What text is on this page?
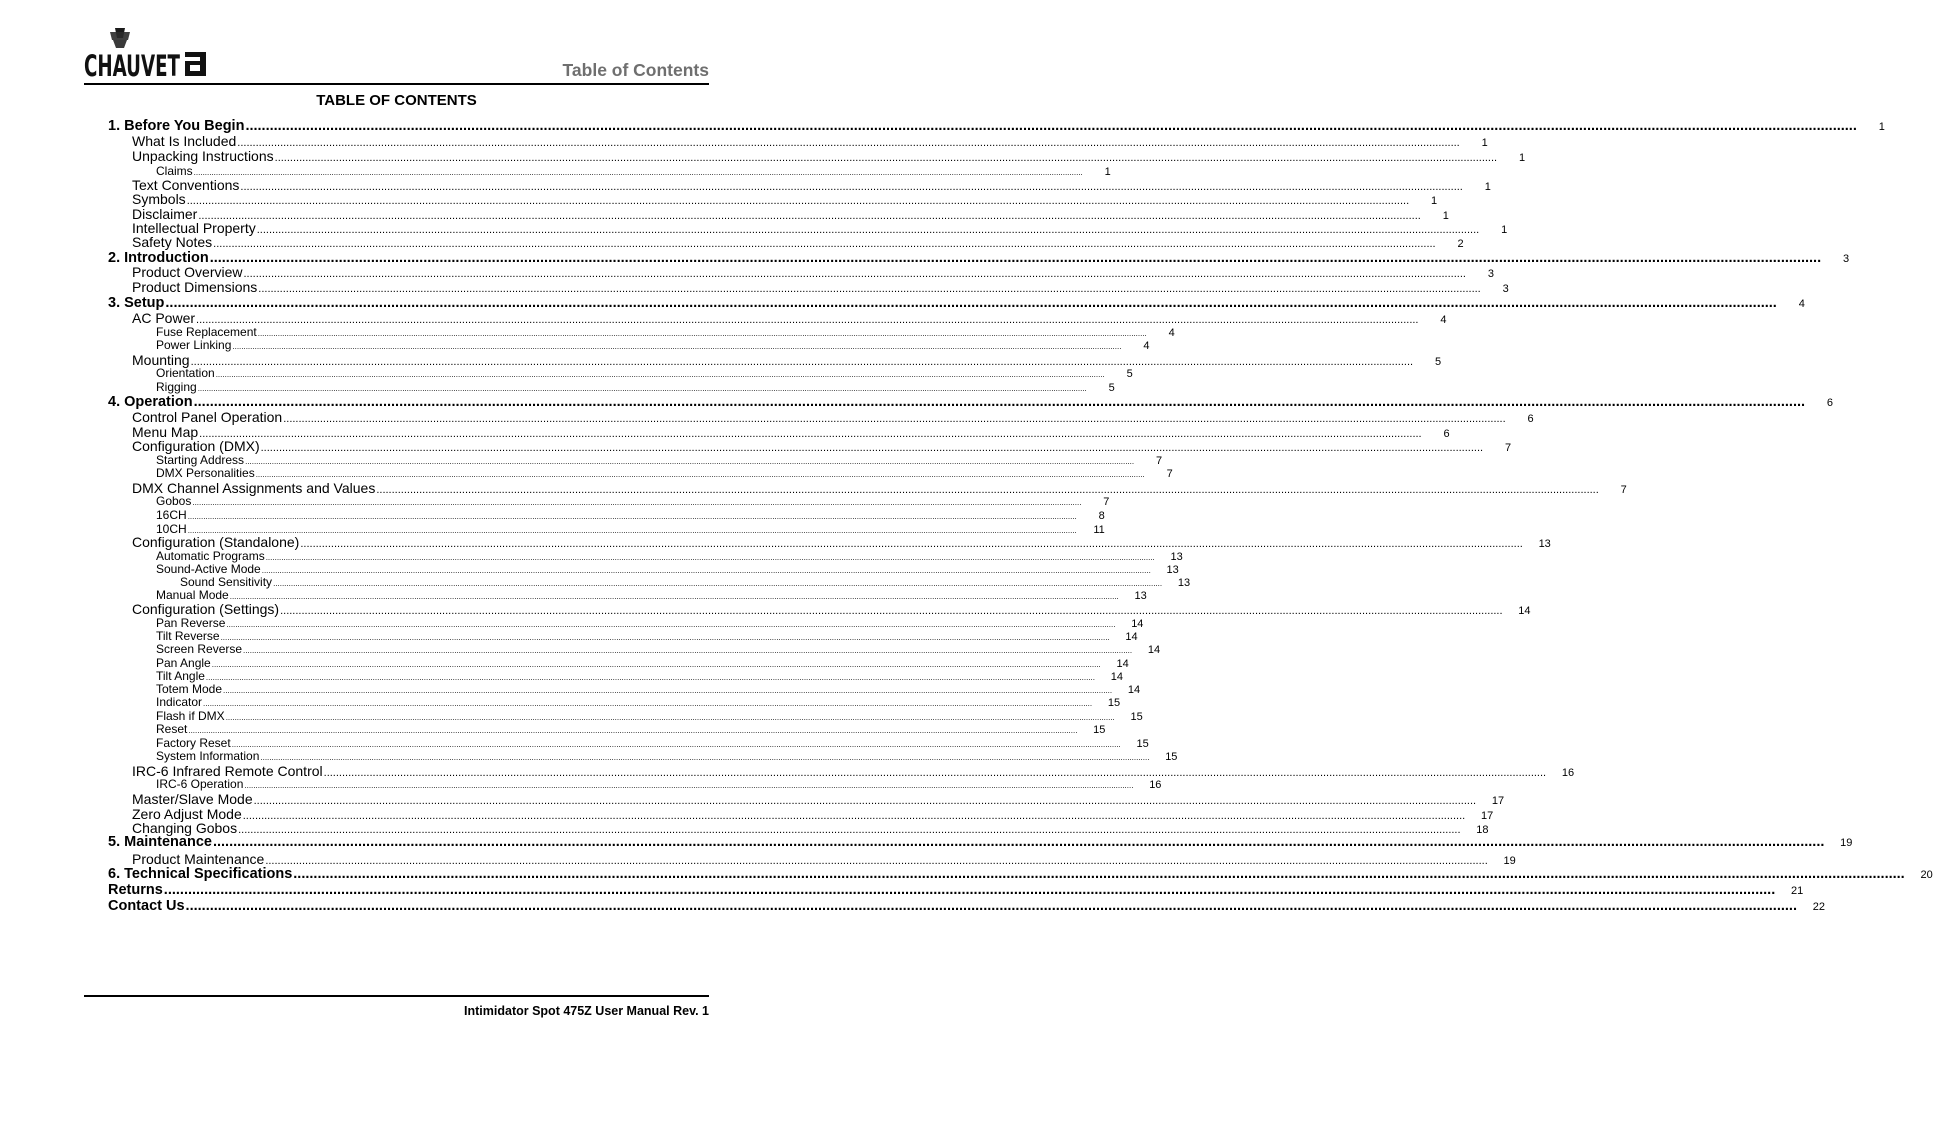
CHAUVET	Table of Contents
TABLE OF CONTENTS
1. Before You Begin .....	1
What Is Included .....	1
Unpacking Instructions .....	1
Claims .....	1
Text Conventions .....	1
Symbols .....	1
Disclaimer .....	1
Intellectual Property .....	1
Safety Notes .....	2
2. Introduction .....	3
Product Overview .....	3
Product Dimensions .....	3
3. Setup .....	4
AC Power .....	4
Fuse Replacement .....	4
Power Linking .....	4
Mounting .....	5
Orientation .....	5
Rigging .....	5
4. Operation .....	6
Control Panel Operation .....	6
Menu Map .....	6
Configuration (DMX) .....	7
Starting Address .....	7
DMX Personalities .....	7
DMX Channel Assignments and Values .....	7
Gobos .....	7
16CH .....	8
10CH .....	11
Configuration (Standalone) .....	13
Automatic Programs .....	13
Sound-Active Mode .....	13
Sound Sensitivity .....	13
Manual Mode .....	13
Configuration (Settings) .....	14
Pan Reverse .....	14
Tilt Reverse .....	14
Screen Reverse .....	14
Pan Angle .....	14
Tilt Angle .....	14
Totem Mode .....	14
Indicator .....	15
Flash if DMX .....	15
Reset .....	15
Factory Reset .....	15
System Information .....	15
IRC-6 Infrared Remote Control .....	16
IRC-6 Operation .....	16
Master/Slave Mode .....	17
Zero Adjust Mode .....	17
Changing Gobos .....	18
5. Maintenance .....	19
Product Maintenance .....	19
6. Technical Specifications .....	20
Returns .....	21
Contact Us .....	22
Intimidator Spot 475Z User Manual Rev. 1
